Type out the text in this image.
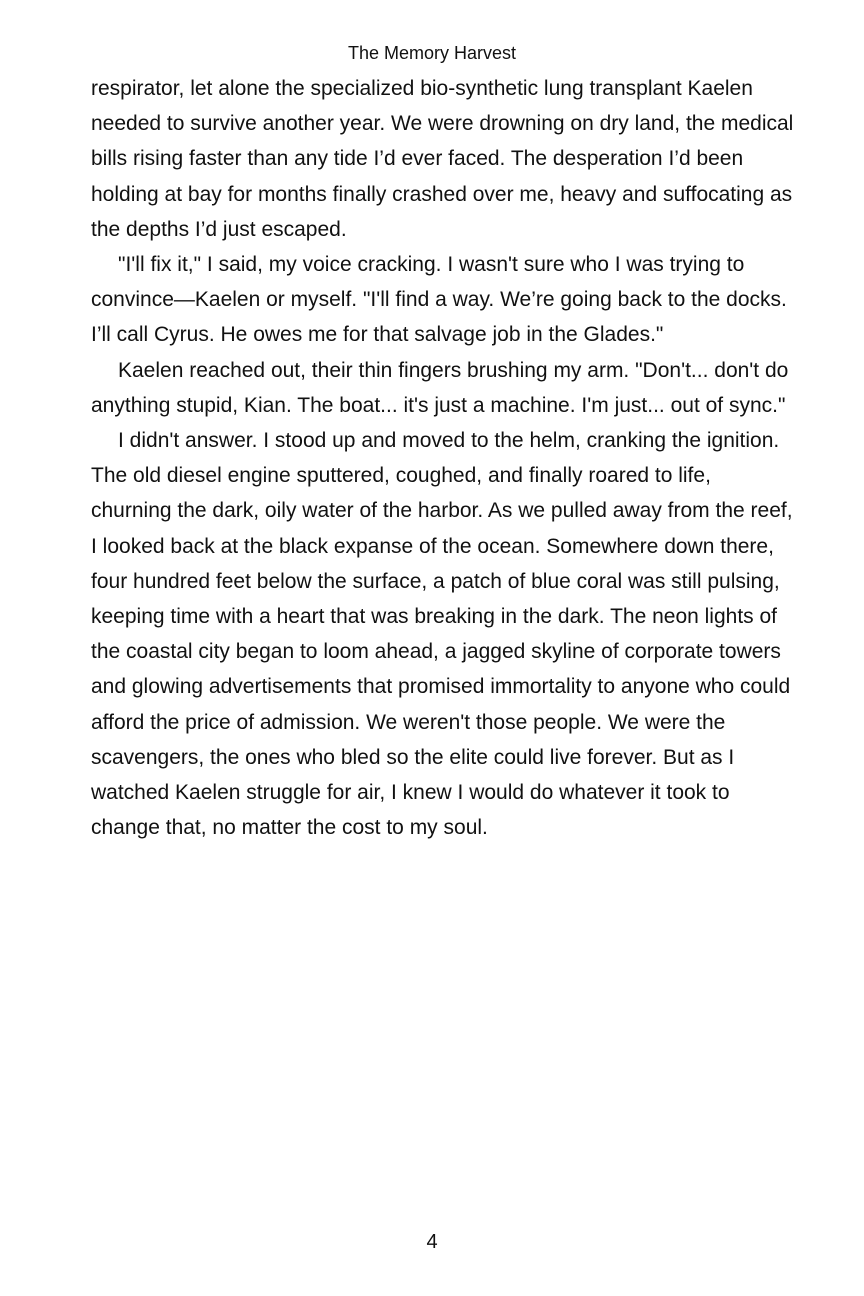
The Memory Harvest

respirator, let alone the specialized bio-synthetic lung transplant Kaelen needed to survive another year. We were drowning on dry land, the medical bills rising faster than any tide I’d ever faced. The desperation I’d been holding at bay for months finally crashed over me, heavy and suffocating as the depths I’d just escaped.

"I'll fix it," I said, my voice cracking. I wasn't sure who I was trying to convince—Kaelen or myself. "I'll find a way. We’re going back to the docks. I’ll call Cyrus. He owes me for that salvage job in the Glades."

Kaelen reached out, their thin fingers brushing my arm. "Don't... don't do anything stupid, Kian. The boat... it's just a machine. I'm just... out of sync."

I didn't answer. I stood up and moved to the helm, cranking the ignition. The old diesel engine sputtered, coughed, and finally roared to life, churning the dark, oily water of the harbor. As we pulled away from the reef, I looked back at the black expanse of the ocean. Somewhere down there, four hundred feet below the surface, a patch of blue coral was still pulsing, keeping time with a heart that was breaking in the dark. The neon lights of the coastal city began to loom ahead, a jagged skyline of corporate towers and glowing advertisements that promised immortality to anyone who could afford the price of admission. We weren't those people. We were the scavengers, the ones who bled so the elite could live forever. But as I watched Kaelen struggle for air, I knew I would do whatever it took to change that, no matter the cost to my soul.

4
